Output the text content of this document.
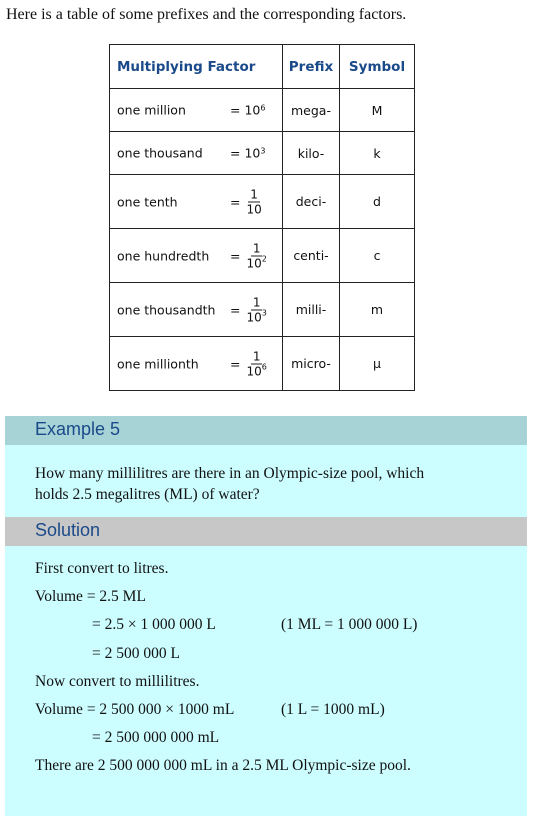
Here is a table of some prefixes and the corresponding factors.
Multiplying Factor	Prefix	Symbol

one million = $10^6$	mega-	M

one thousand = $10^3$	kilo-	k

one tenth = $\frac{1}{10}$	deci-	d

one hundredth = $\frac{1}{10^2}$	centi-	c

one thousandth = $\frac{1}{10^3}$	milli-	m

one millionth = $\frac{1}{10^6}$	micro-	μ
Example 5
How many millilitres are there in an Olympic-size pool, which
holds 2.5 megalitres (ML) of water?
Solution
First convert to litres.
Volume = 2.5 ML
= 2.5 × 1 000 000 L	(1 ML = 1 000 000 L)
= 2 500 000 L
Now convert to millilitres.
Volume = 2 500 000 × 1000 mL	(1 L = 1000 mL)
= 2 500 000 000 mL
There are 2 500 000 000 mL in a 2.5 ML Olympic-size pool.
